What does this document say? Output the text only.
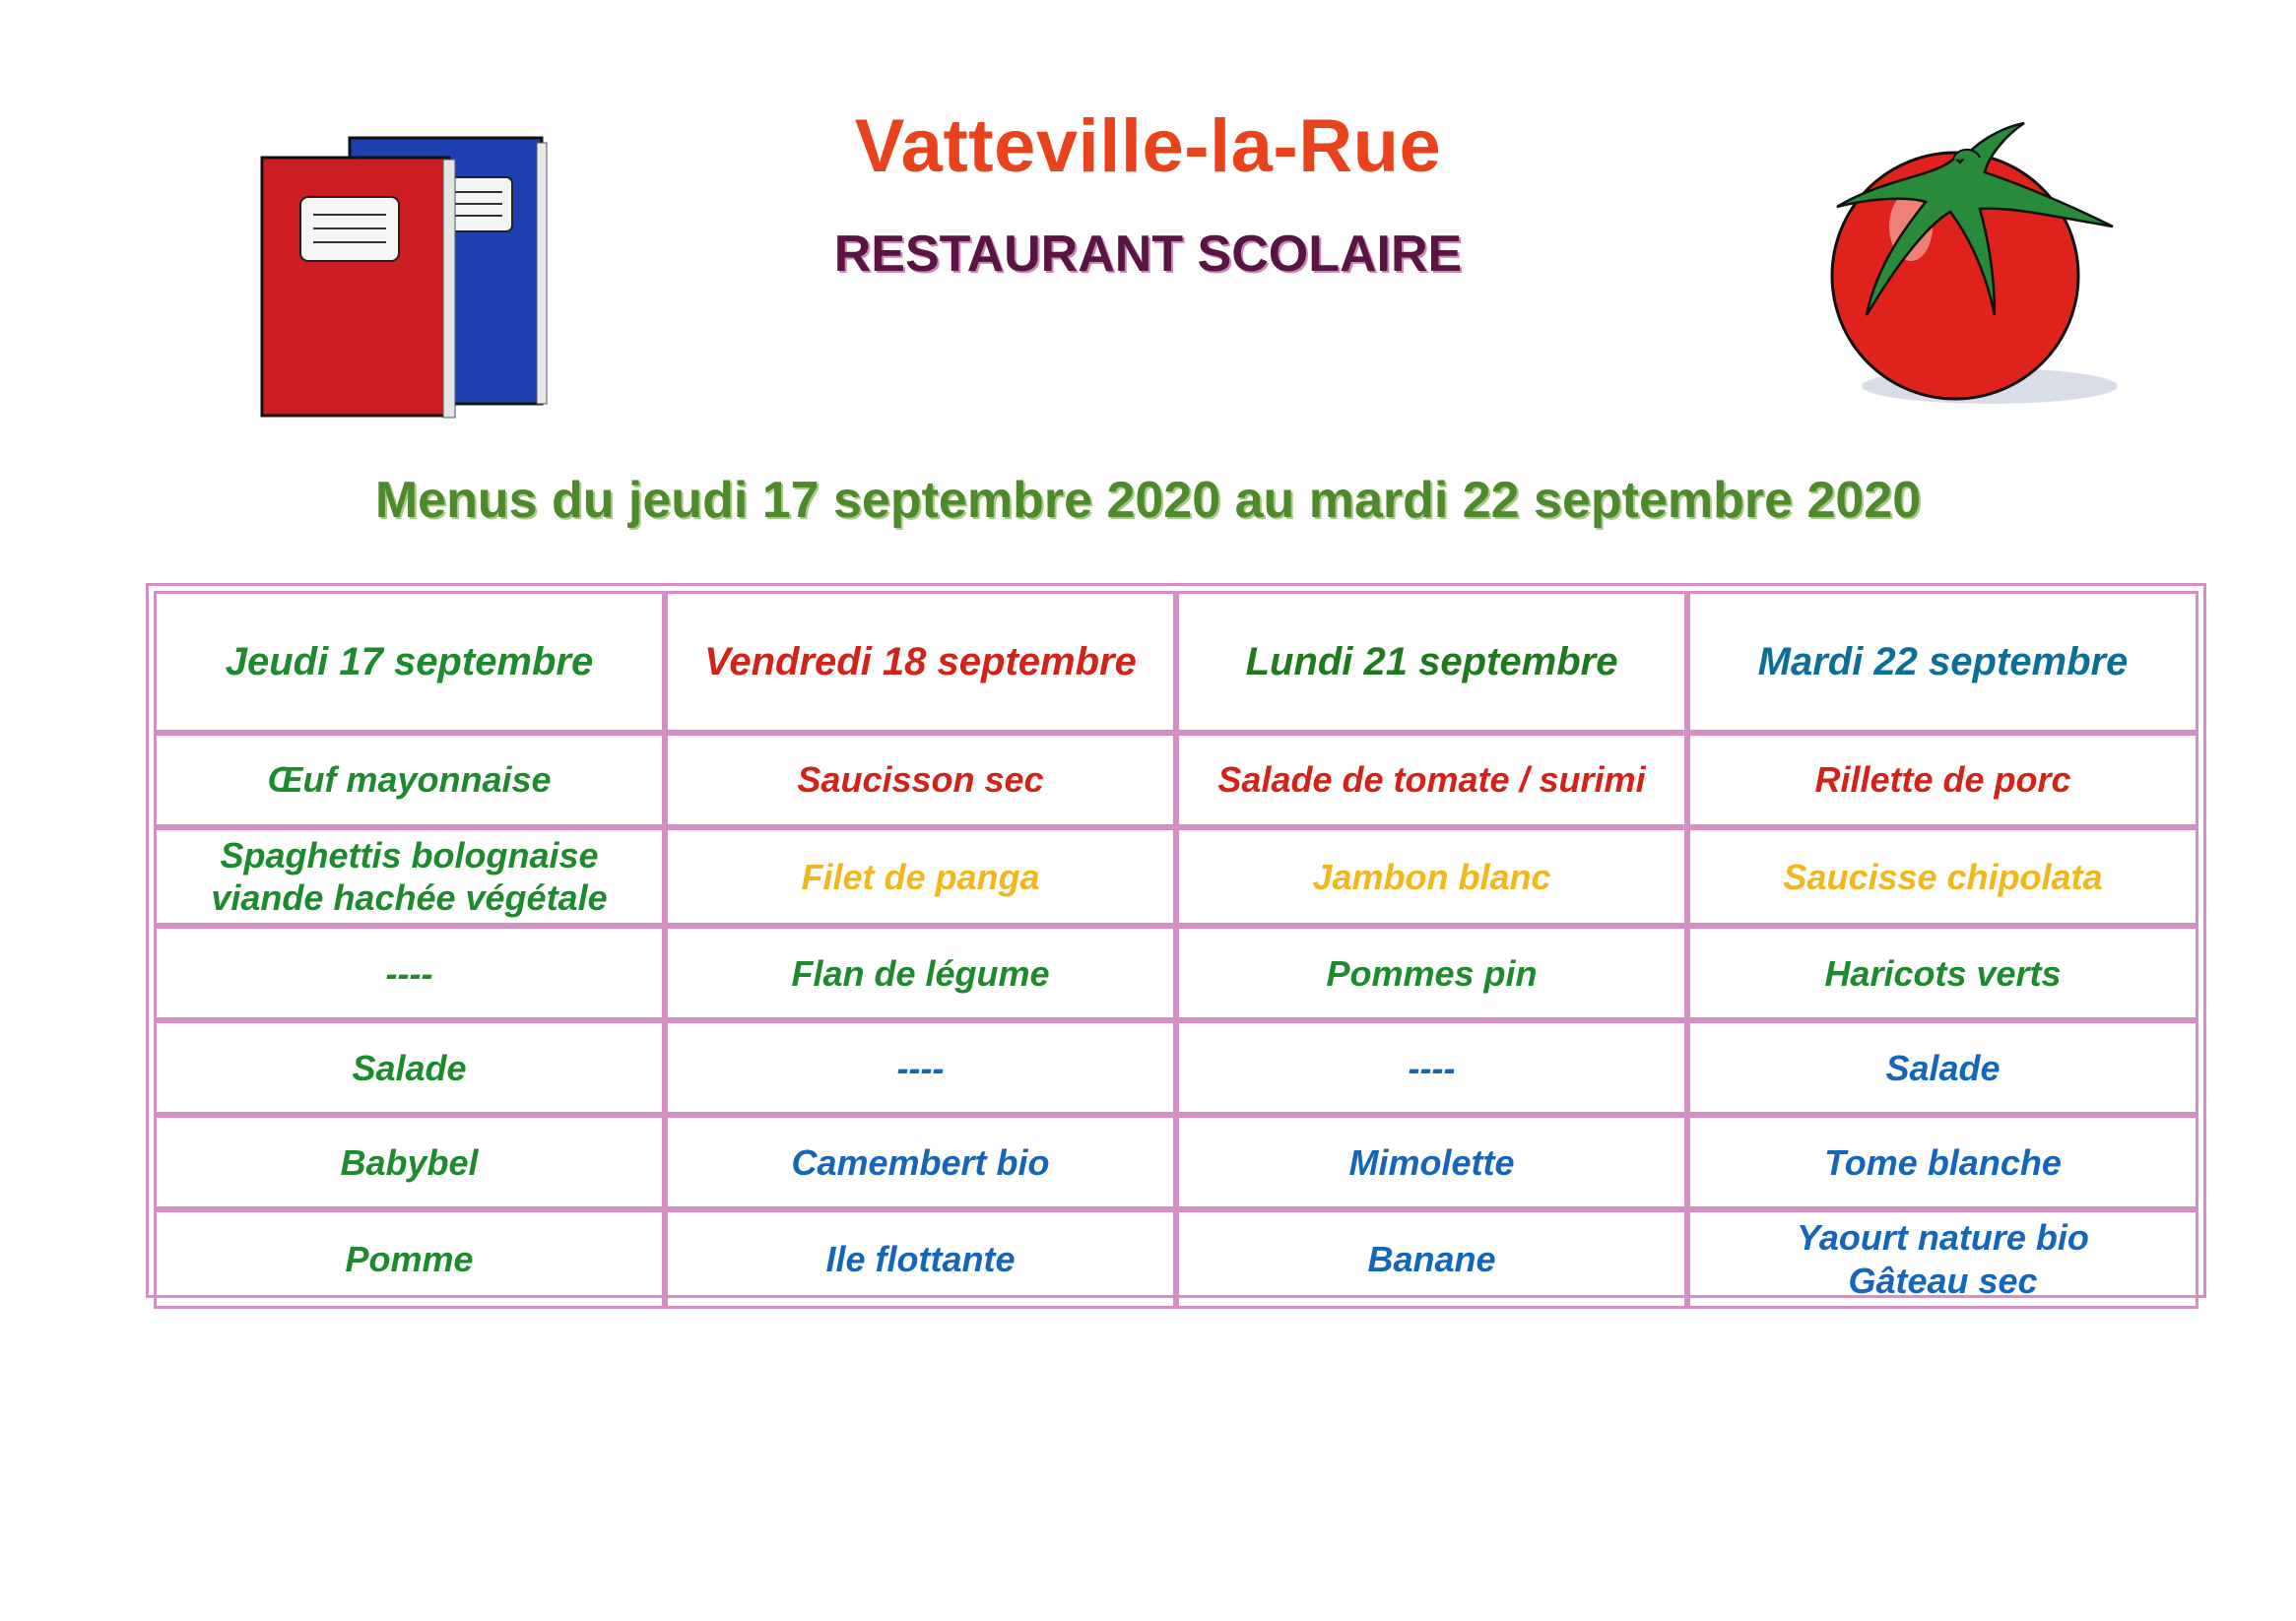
Vatteville-la-Rue
RESTAURANT SCOLAIRE
Menus du jeudi 17 septembre 2020 au mardi 22 septembre 2020
Jeudi 17 septembre	Vendredi 18 septembre	Lundi 21 septembre	Mardi 22 septembre
Œuf mayonnaise	Saucisson sec	Salade de tomate / surimi	Rillette de porc

Spaghettis bolognaise
viande hachée végétale	Filet de panga	Jambon blanc	Saucisse chipolata
----	Flan de légume	Pommes pin	Haricots verts
Salade	----	----	Salade
Babybel	Camembert bio	Mimolette	Tome blanche
Pomme	Ile flottante	Banane	Yaourt nature bio
Gâteau sec
